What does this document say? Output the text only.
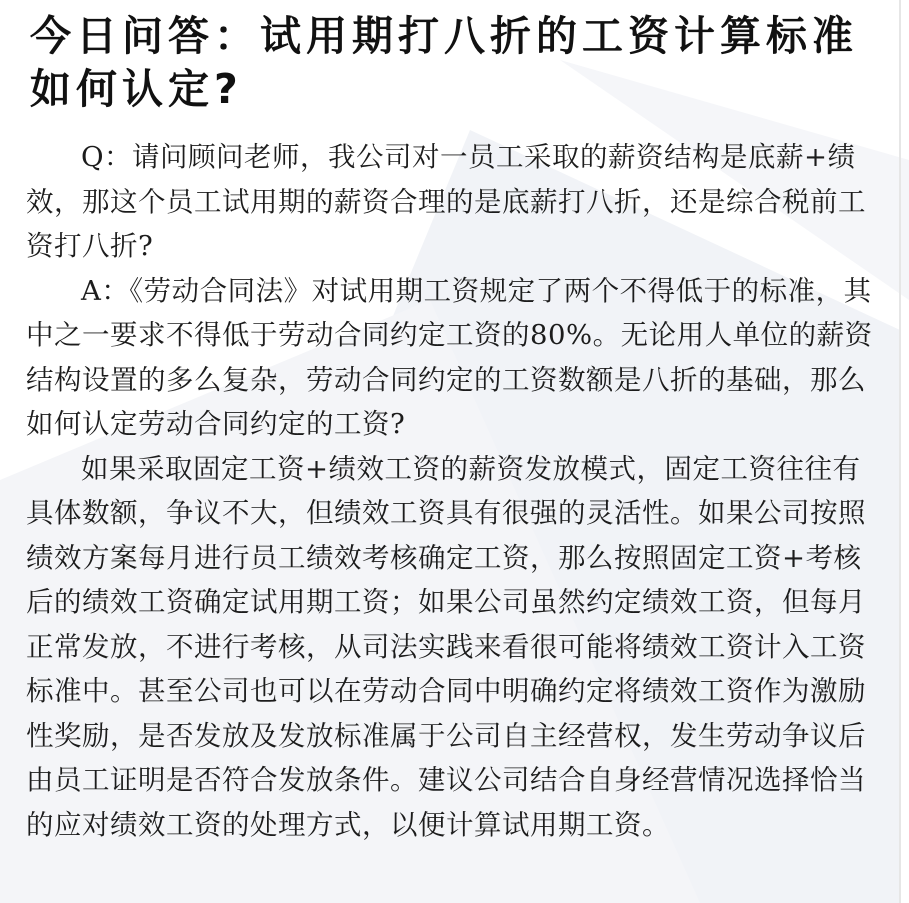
今日问答：试用期打八折的工资计算标准如何认定?

Q：请问顾问老师，我公司对一员工采取的薪资结构是底薪+绩效，那这个员工试用期的薪资合理的是底薪打八折，还是综合税前工资打八折?

A：《劳动合同法》对试用期工资规定了两个不得低于的标准，其中之一要求不得低于劳动合同约定工资的80%。无论用人单位的薪资结构设置的多么复杂，劳动合同约定的工资数额是八折的基础，那么如何认定劳动合同约定的工资?

如果采取固定工资+绩效工资的薪资发放模式，固定工资往往有具体数额，争议不大，但绩效工资具有很强的灵活性。如果公司按照绩效方案每月进行员工绩效考核确定工资，那么按照固定工资+考核后的绩效工资确定试用期工资；如果公司虽然约定绩效工资，但每月正常发放，不进行考核，从司法实践来看很可能将绩效工资计入工资标准中。甚至公司也可以在劳动合同中明确约定将绩效工资作为激励性奖励，是否发放及发放标准属于公司自主经营权，发生劳动争议后由员工证明是否符合发放条件。建议公司结合自身经营情况选择恰当的应对绩效工资的处理方式，以便计算试用期工资。
